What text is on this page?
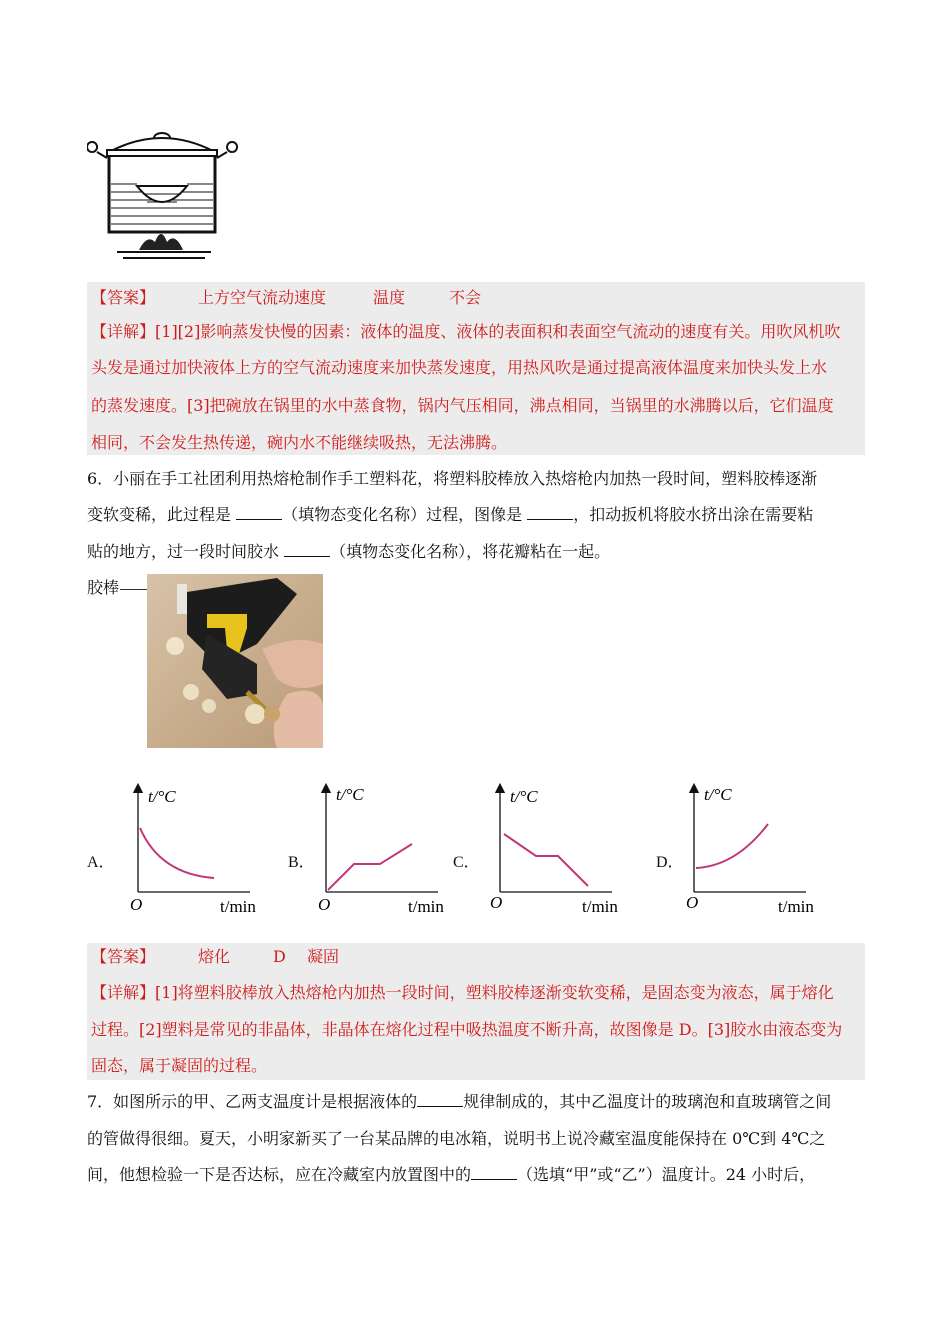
【答案】	上方空气流动速度	温度	不会
【详解】[1][2]影响蒸发快慢的因素：液体的温度、液体的表面积和表面空气流动的速度有关。用吹风机吹
头发是通过加快液体上方的空气流动速度来加快蒸发速度，用热风吹是通过提高液体温度来加快头发上水
的蒸发速度。[3]把碗放在锅里的水中蒸食物，锅内气压相同，沸点相同，当锅里的水沸腾以后，它们温度
相同，不会发生热传递，碗内水不能继续吸热，无法沸腾。
6．小丽在手工社团利用热熔枪制作手工塑料花，将塑料胶棒放入热熔枪内加热一段时间，塑料胶棒逐渐
变软变稀，此过程是	（填物态变化名称）过程，图像是	，扣动扳机将胶水挤出涂在需要粘
贴的地方，过一段时间胶水	（填物态变化名称），将花瓣粘在一起。
胶棒
A．
t/°C
O	t/min
B．
t/°C
O	t/min
C．
t/°C
O	t/min
D．
t/°C
O	t/min
【答案】	熔化	D 凝固
【详解】[1]将塑料胶棒放入热熔枪内加热一段时间，塑料胶棒逐渐变软变稀，是固态变为液态，属于熔化
过程。[2]塑料是常见的非晶体，非晶体在熔化过程中吸热温度不断升高，故图像是 D。[3]胶水由液态变为
固态，属于凝固的过程。
7．如图所示的甲、乙两支温度计是根据液体的	规律制成的，其中乙温度计的玻璃泡和直玻璃管之间
的管做得很细。夏天，小明家新买了一台某品牌的电冰箱，说明书上说冷藏室温度能保持在 0℃到 4℃之
间，他想检验一下是否达标，应在冷藏室内放置图中的	（选填“甲”或“乙”）温度计。24 小时后，
